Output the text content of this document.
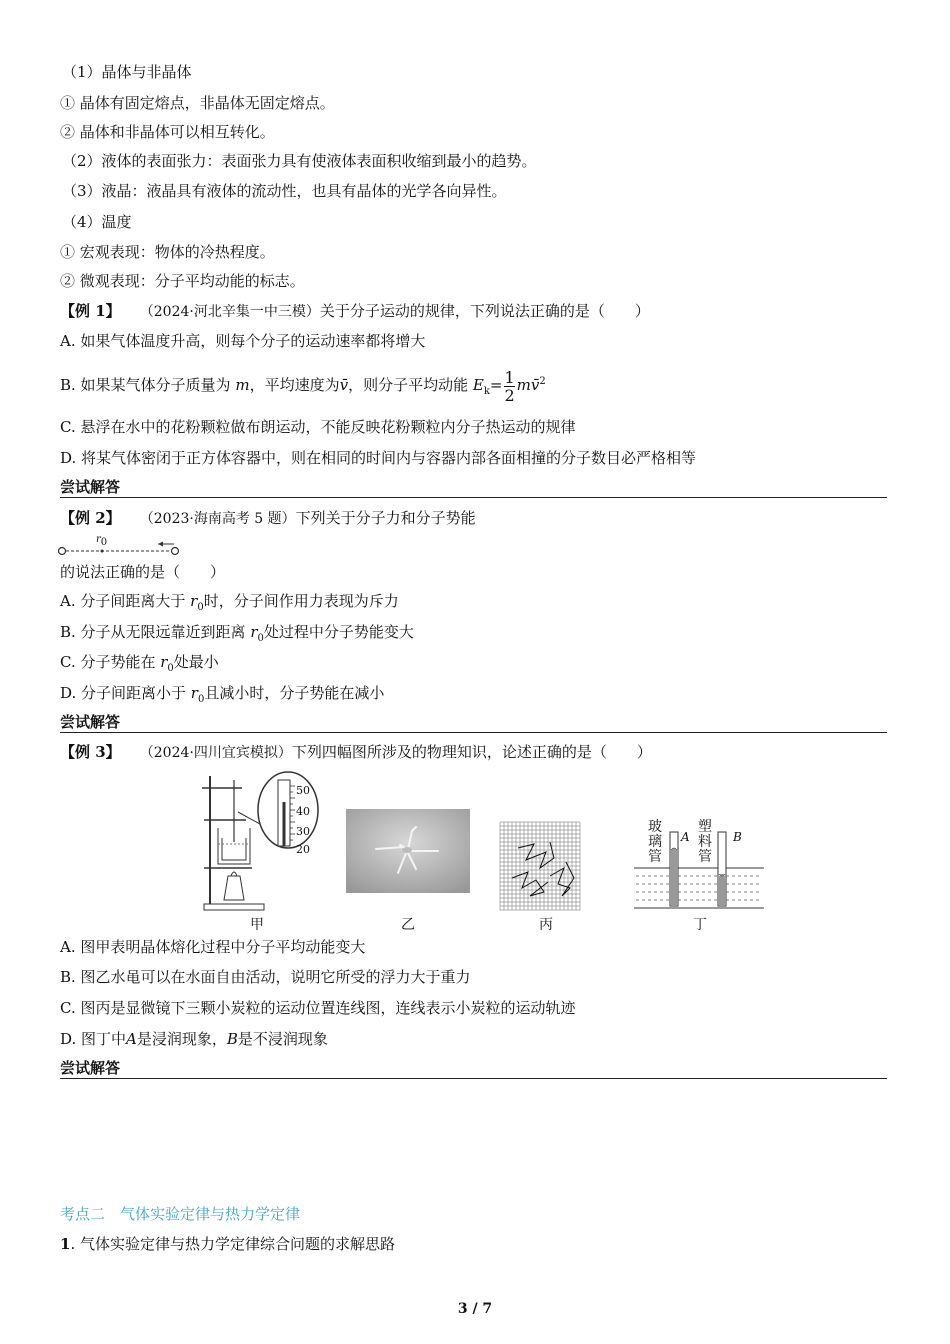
（1）晶体与非晶体
① 晶体有固定熔点，非晶体无固定熔点。
② 晶体和非晶体可以相互转化。
（2）液体的表面张力：表面张力具有使液体表面积收缩到最小的趋势。
（3）液晶：液晶具有液体的流动性，也具有晶体的光学各向异性。
（4）温度
① 宏观表现：物体的冷热程度。
② 微观表现：分子平均动能的标志。
【例 1】 （2024·河北辛集一中三模）关于分子运动的规律，下列说法正确的是（　　）
A. 如果气体温度升高，则每个分子的运动速率都将增大
B. 如果某气体分子质量为 m，平均速度为v̄，则分子平均动能 $E_k= \frac{1}{2}$ mv̄$^2$
C. 悬浮在水中的花粉颗粒做布朗运动，不能反映花粉颗粒内分子热运动的规律
D. 将某气体密闭于正方体容器中，则在相同的时间内与容器内部各面相撞的分子数目必严格相等
尝试解答
【例 2】 （2023·海南高考 5 题）下列关于分子力和分子势能
$r_0$
的说法正确的是（　　）
A. 分子间距离大于 $r_0$时，分子间作用力表现为斥力
B. 分子从无限远靠近到距离 $r_0$处过程中分子势能变大
C. 分子势能在 $r_0$处最小
D. 分子间距离小于 $r_0$且减小时，分子势能在减小
尝试解答
【例 3】 （2024·四川宜宾模拟）下列四幅图所涉及的物理知识，论述正确的是（　　）
50
40
30
20
玻璃管
塑料管
A	B
甲	乙	丙	丁
A. 图甲表明晶体熔化过程中分子平均动能变大
B. 图乙水黾可以在水面自由活动，说明它所受的浮力大于重力
C. 图丙是显微镜下三颗小炭粒的运动位置连线图，连线表示小炭粒的运动轨迹
D. 图丁中A是浸润现象，B是不浸润现象
尝试解答
考点二　气体实验定律与热力学定律
1. 气体实验定律与热力学定律综合问题的求解思路
3 / 7
